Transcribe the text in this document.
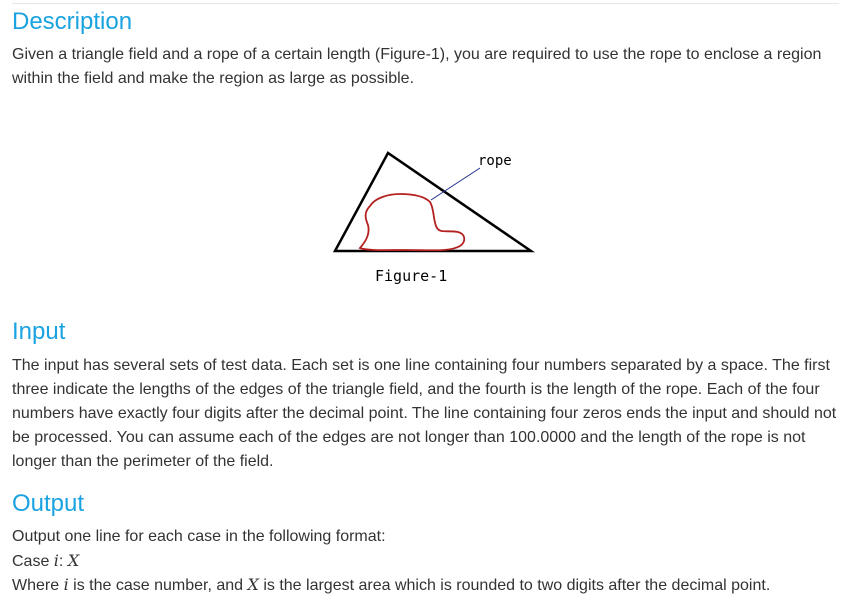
Description

Given a triangle field and a rope of a certain length (Figure-1), you are required to use the rope to enclose a region within the field and make the region as large as possible.

rope
Figure-1
Input

The input has several sets of test data. Each set is one line containing four numbers separated by a space. The first three indicate the lengths of the edges of the triangle field, and the fourth is the length of the rope. Each of the four numbers have exactly four digits after the decimal point. The line containing four zeros ends the input and should not be processed. You can assume each of the edges are not longer than 100.0000 and the length of the rope is not longer than the perimeter of the field.

Output

Output one line for each case in the following format:

Case i: X

Where i is the case number, and X is the largest area which is rounded to two digits after the decimal point.
